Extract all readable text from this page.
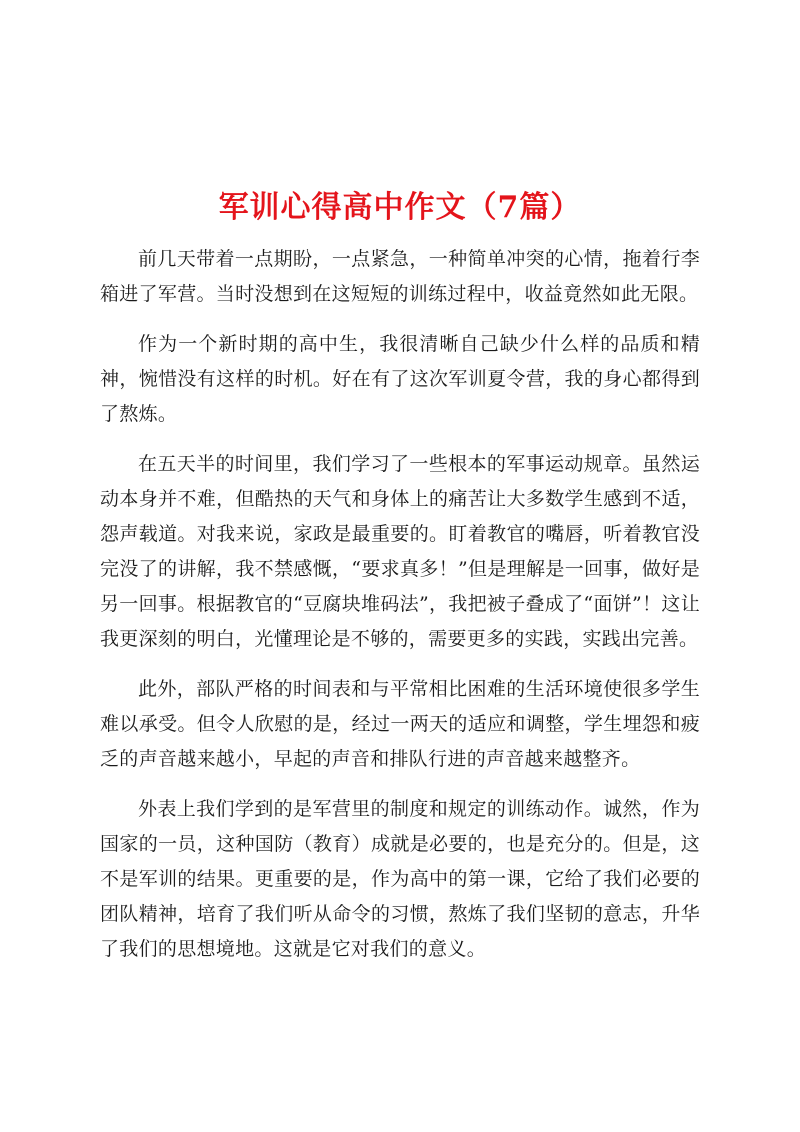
军训心得高中作文（7篇）

前几天带着一点期盼，一点紧急，一种简单冲突的心情，拖着行李箱进了军营。当时没想到在这短短的训练过程中，收益竟然如此无限。

作为一个新时期的高中生，我很清晰自己缺少什么样的品质和精神，惋惜没有这样的时机。好在有了这次军训夏令营，我的身心都得到了熬炼。

在五天半的时间里，我们学习了一些根本的军事运动规章。虽然运动本身并不难，但酷热的天气和身体上的痛苦让大多数学生感到不适，怨声载道。对我来说，家政是最重要的。盯着教官的嘴唇，听着教官没完没了的讲解，我不禁感慨，“要求真多！”但是理解是一回事，做好是另一回事。根据教官的“豆腐块堆码法”，我把被子叠成了“面饼”！这让我更深刻的明白，光懂理论是不够的，需要更多的实践，实践出完善。

此外，部队严格的时间表和与平常相比困难的生活环境使很多学生难以承受。但令人欣慰的是，经过一两天的适应和调整，学生埋怨和疲乏的声音越来越小，早起的声音和排队行进的声音越来越整齐。

外表上我们学到的是军营里的制度和规定的训练动作。诚然，作为国家的一员，这种国防（教育）成就是必要的，也是充分的。但是，这不是军训的结果。更重要的是，作为高中的第一课，它给了我们必要的团队精神，培育了我们听从命令的习惯，熬炼了我们坚韧的意志，升华了我们的思想境地。这就是它对我们的意义。
